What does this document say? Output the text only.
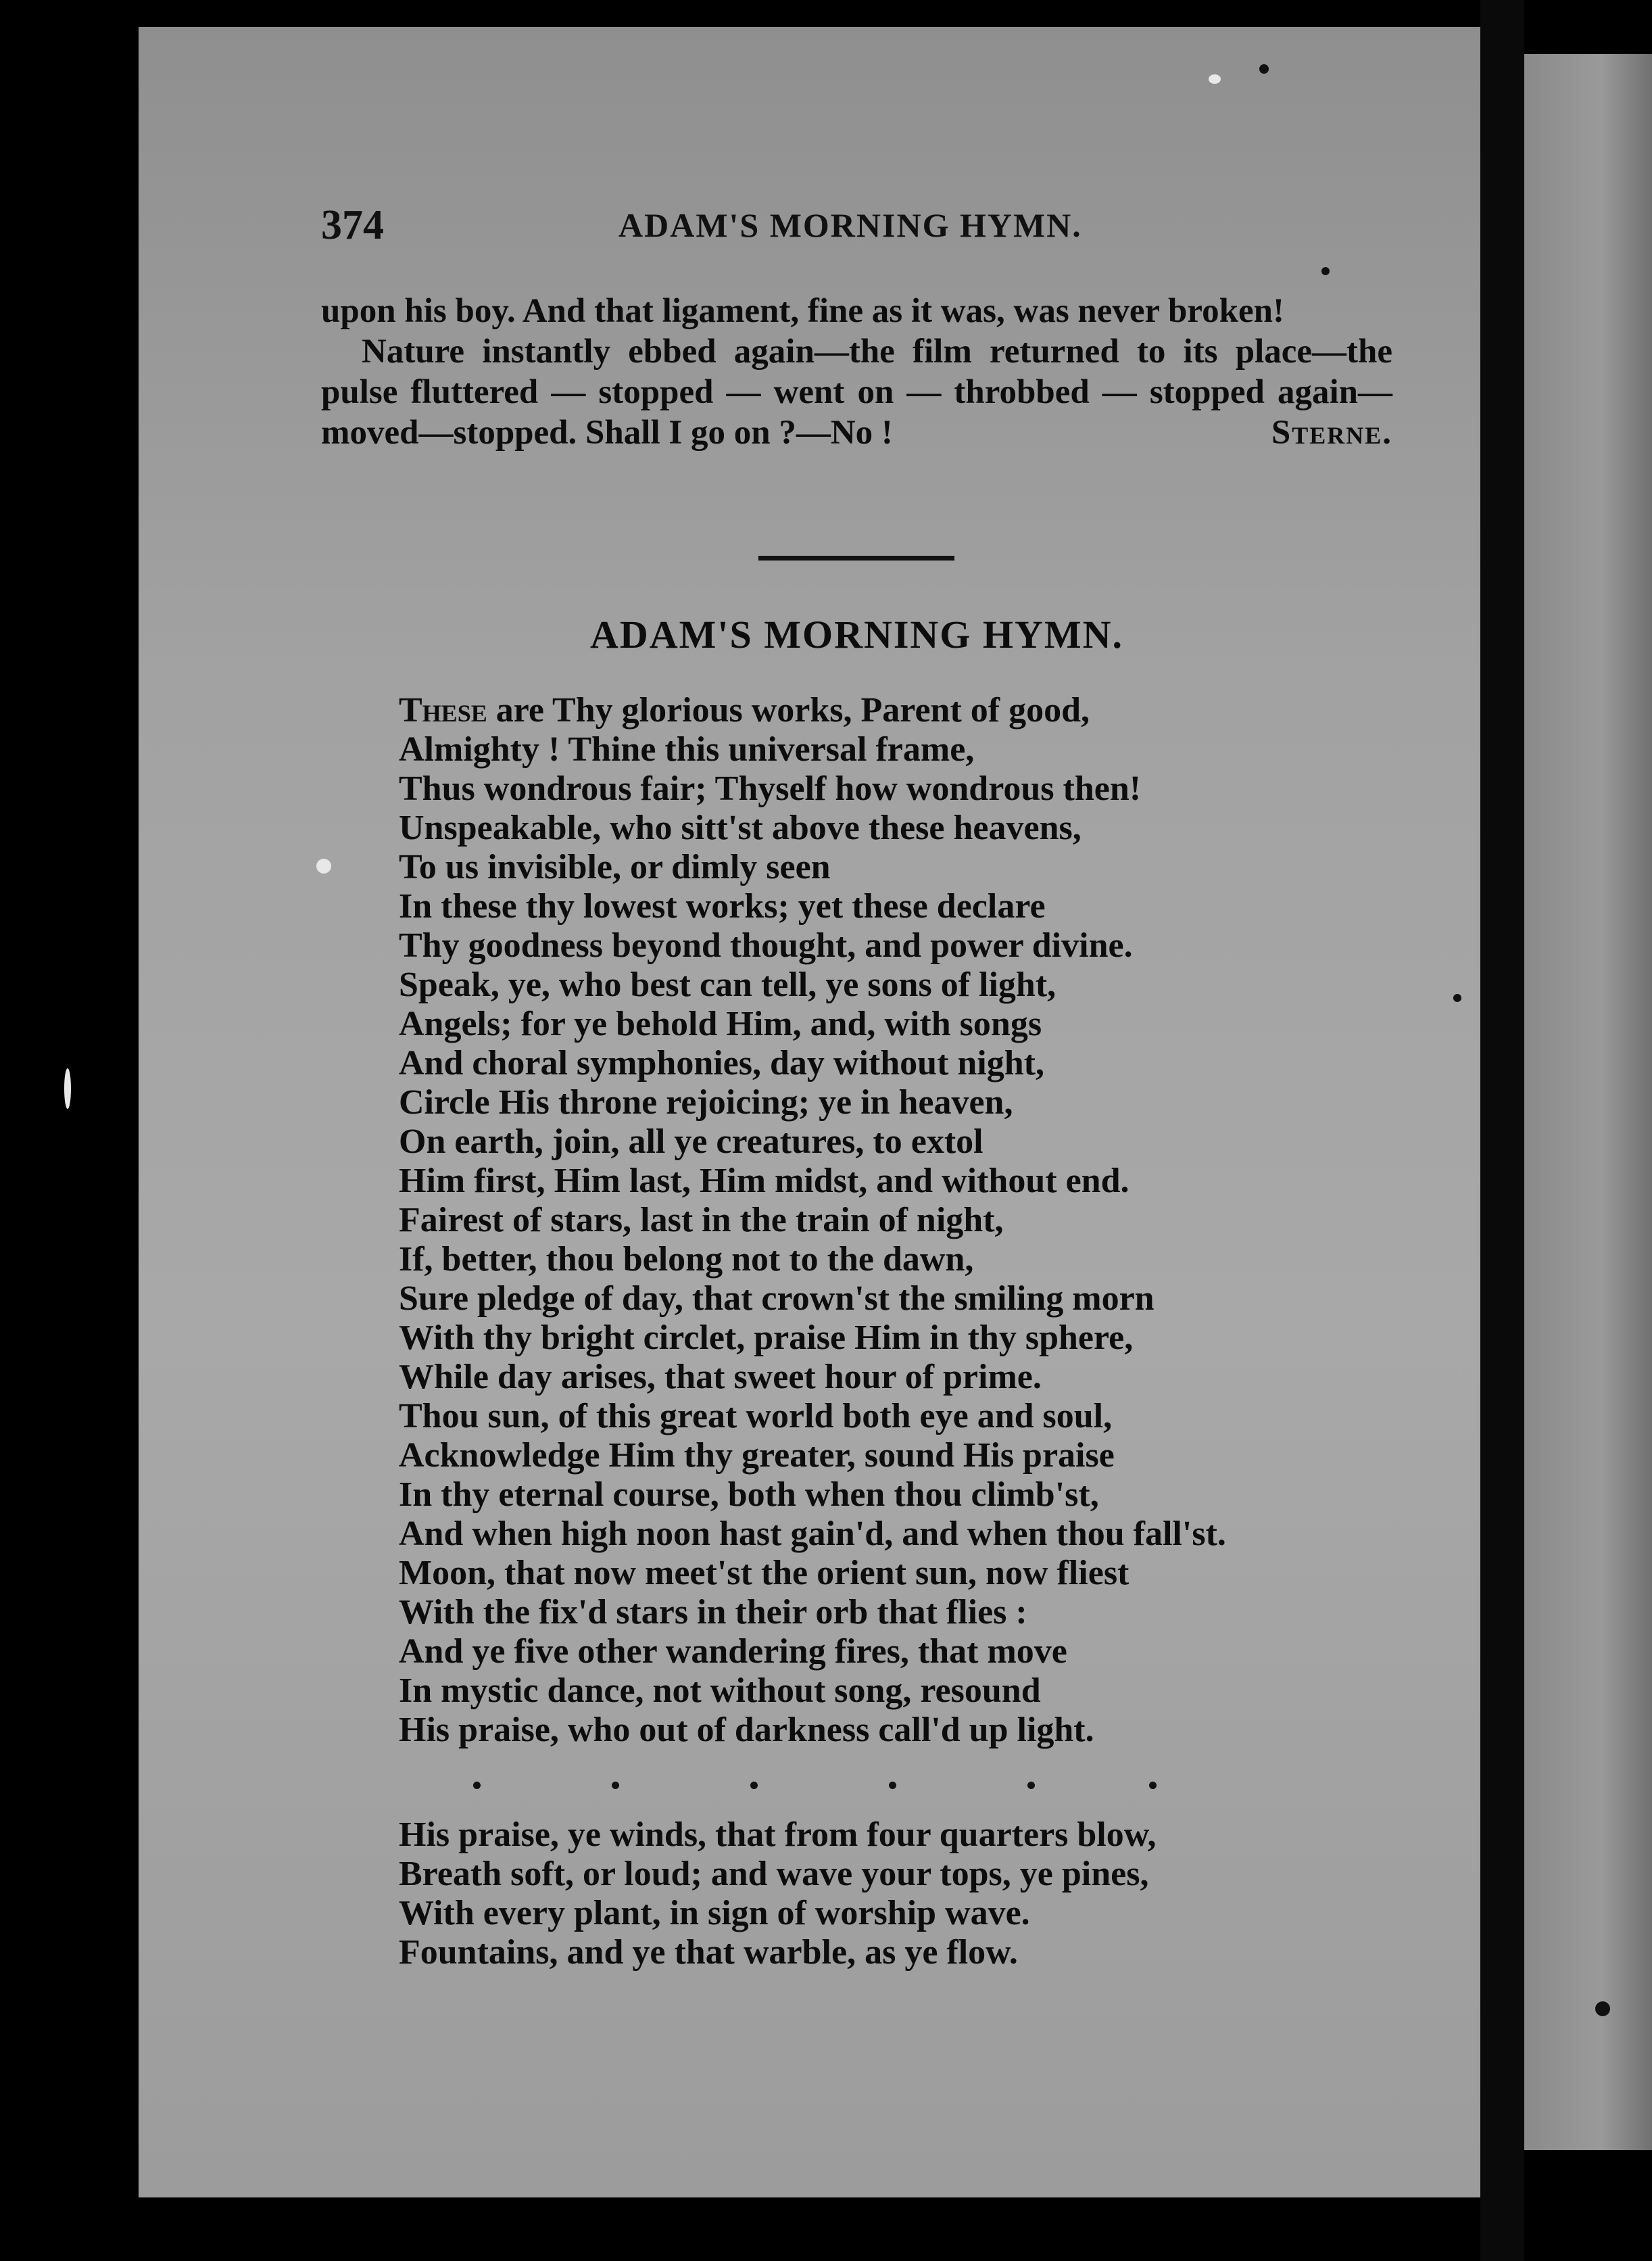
374	ADAM'S MORNING HYMN.

upon his boy. And that ligament, fine as it was, was never broken!

Nature instantly ebbed again—the film returned to its place—the pulse fluttered — stopped — went on — throbbed — stopped again—moved—stopped. Shall I go on ?—No !	Sterne.

ADAM'S MORNING HYMN.
These are Thy glorious works, Parent of good,
Almighty ! Thine this universal frame,
Thus wondrous fair; Thyself how wondrous then!
Unspeakable, who sitt'st above these heavens,
To us invisible, or dimly seen
In these thy lowest works; yet these declare
Thy goodness beyond thought, and power divine.
Speak, ye, who best can tell, ye sons of light,
Angels; for ye behold Him, and, with songs
And choral symphonies, day without night,
Circle His throne rejoicing; ye in heaven,
On earth, join, all ye creatures, to extol
Him first, Him last, Him midst, and without end.
Fairest of stars, last in the train of night,
If, better, thou belong not to the dawn,
Sure pledge of day, that crown'st the smiling morn
With thy bright circlet, praise Him in thy sphere,
While day arises, that sweet hour of prime.
Thou sun, of this great world both eye and soul,
Acknowledge Him thy greater, sound His praise
In thy eternal course, both when thou climb'st,
And when high noon hast gain'd, and when thou fall'st.
Moon, that now meet'st the orient sun, now fliest
With the fix'd stars in their orb that flies :
And ye five other wandering fires, that move
In mystic dance, not without song, resound
His praise, who out of darkness call'd up light.
His praise, ye winds, that from four quarters blow,
Breath soft, or loud; and wave your tops, ye pines,
With every plant, in sign of worship wave.
Fountains, and ye that warble, as ye flow.
